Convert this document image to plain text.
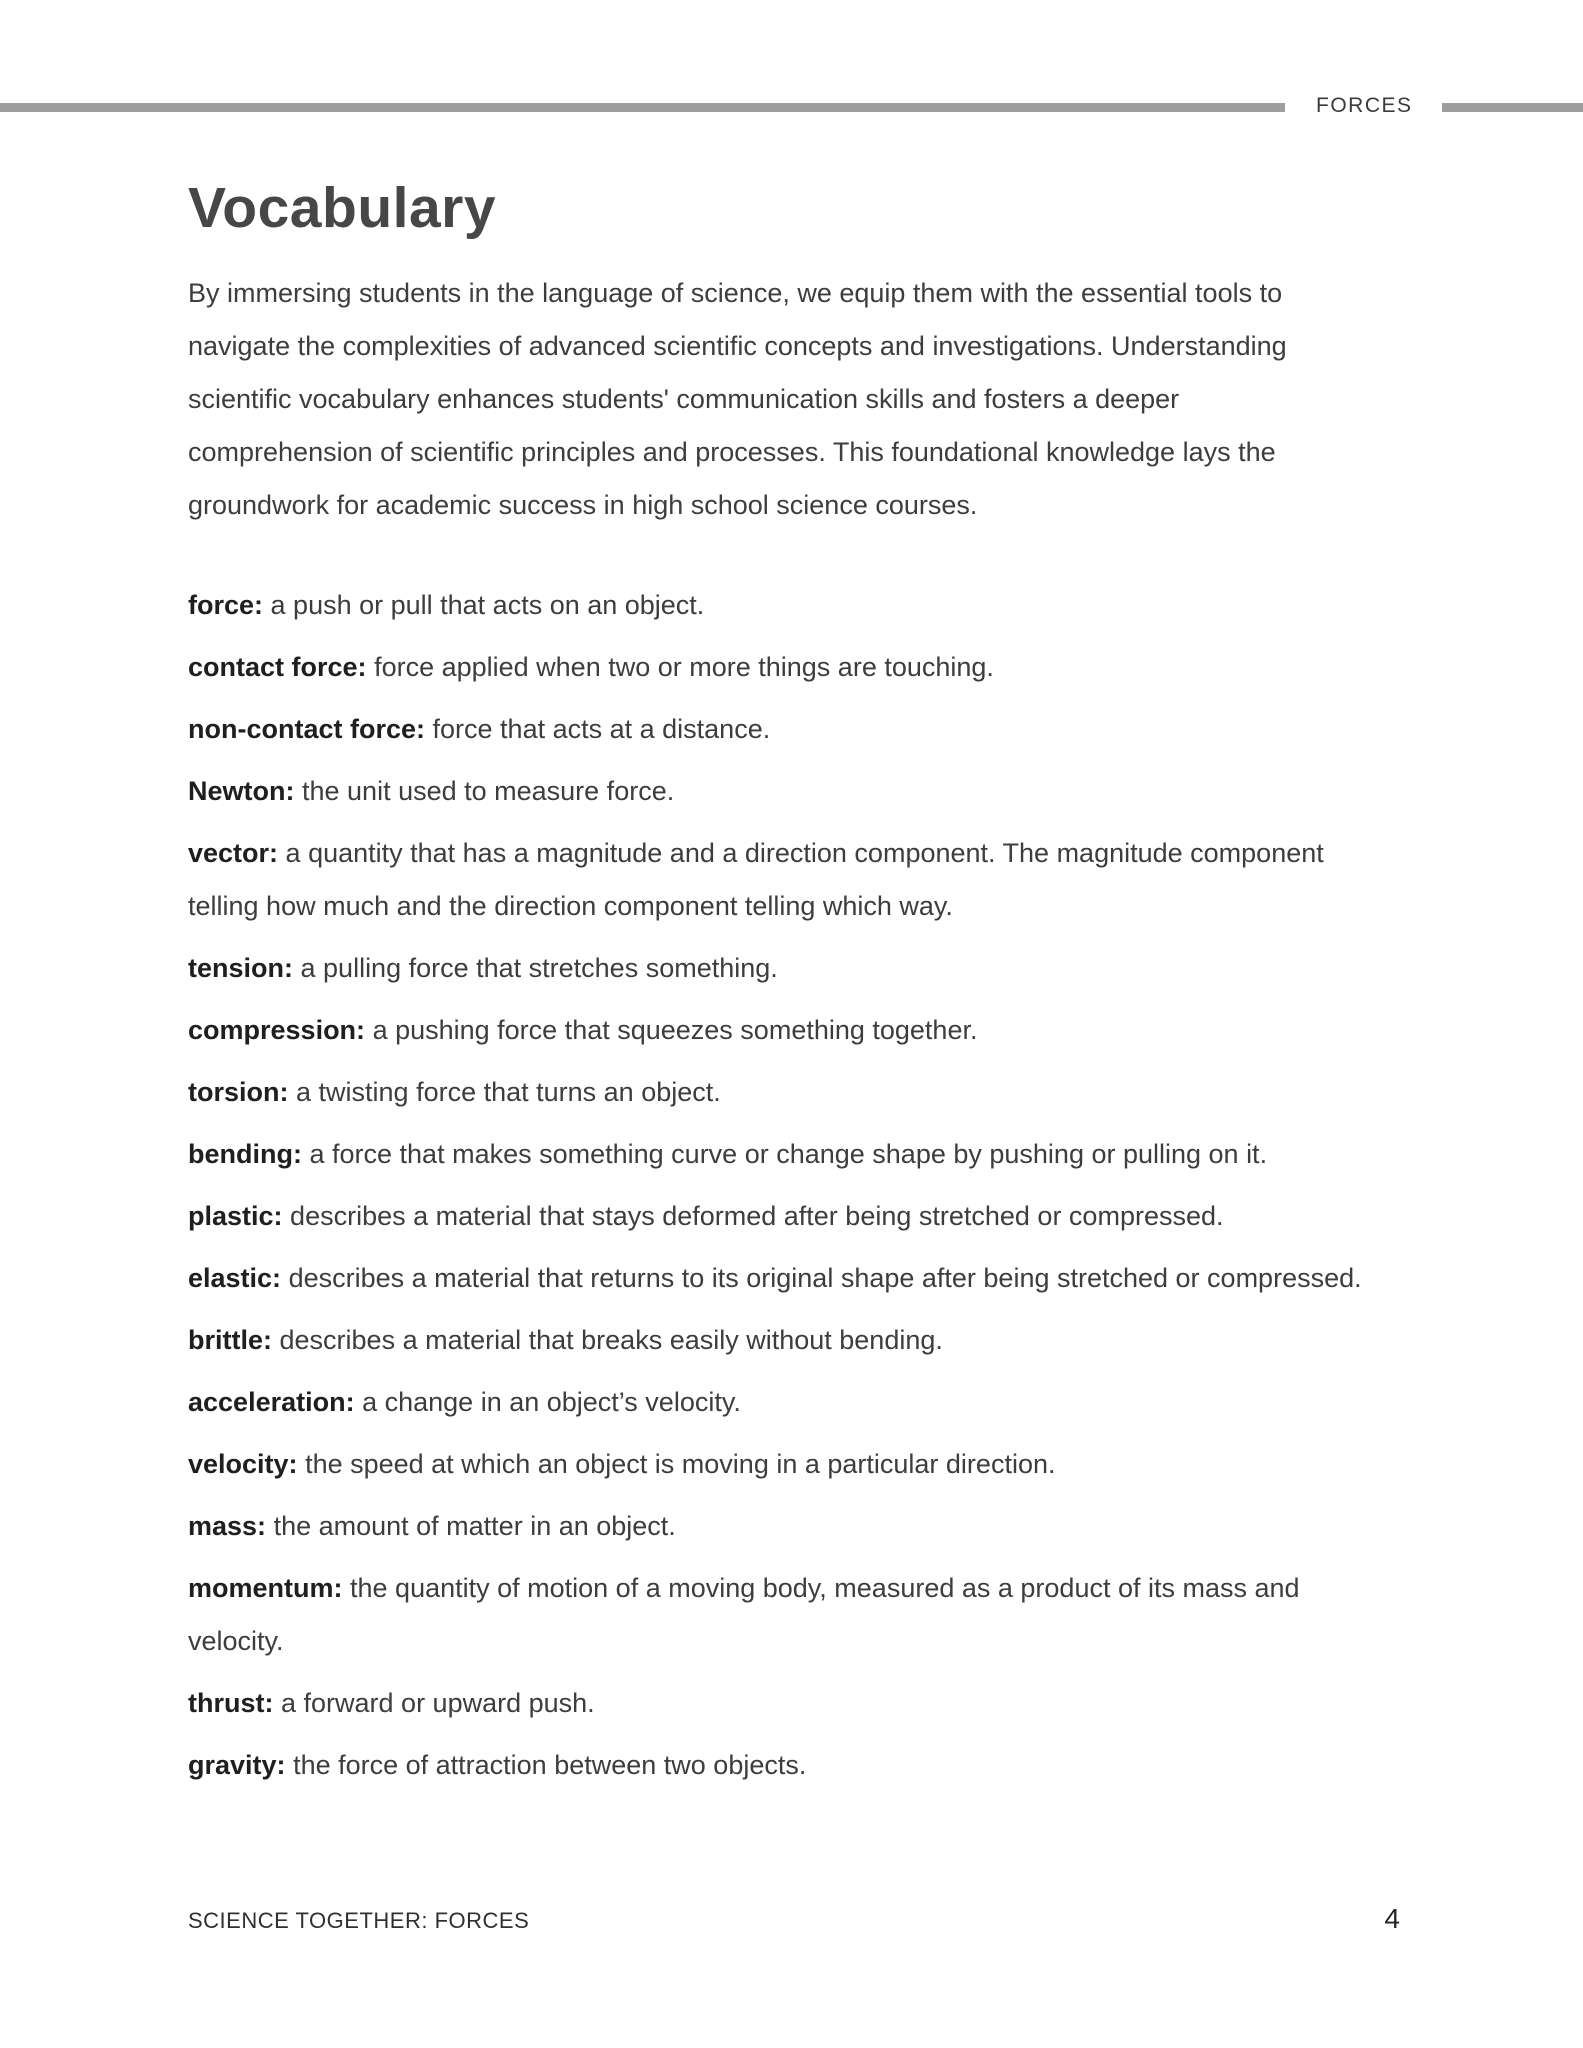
FORCES
Vocabulary

By immersing students in the language of science, we equip them with the essential tools to navigate the complexities of advanced scientific concepts and investigations. Understanding scientific vocabulary enhances students' communication skills and fosters a deeper comprehension of scientific principles and processes. This foundational knowledge lays the groundwork for academic success in high school science courses.

force: a push or pull that acts on an object.

contact force: force applied when two or more things are touching.

non-contact force: force that acts at a distance.

Newton: the unit used to measure force.

vector: a quantity that has a magnitude and a direction component. The magnitude component telling how much and the direction component telling which way.

tension: a pulling force that stretches something.

compression: a pushing force that squeezes something together.

torsion: a twisting force that turns an object.

bending: a force that makes something curve or change shape by pushing or pulling on it.

plastic: describes a material that stays deformed after being stretched or compressed.

elastic: describes a material that returns to its original shape after being stretched or compressed.

brittle: describes a material that breaks easily without bending.

acceleration: a change in an object’s velocity.

velocity: the speed at which an object is moving in a particular direction.

mass: the amount of matter in an object.

momentum: the quantity of motion of a moving body, measured as a product of its mass and velocity.

thrust: a forward or upward push.

gravity: the force of attraction between two objects.

SCIENCE TOGETHER: FORCES	4
